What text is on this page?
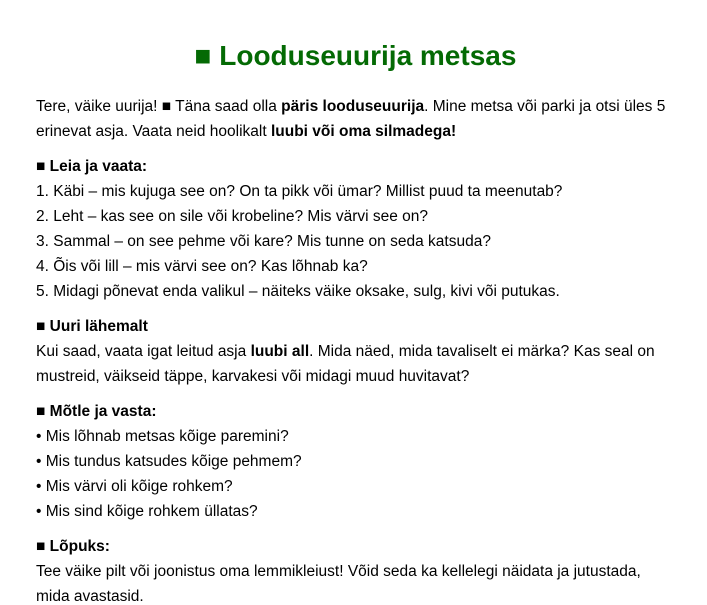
■ Looduseuurija metsas

Tere, väike uurija! ■ Täna saad olla päris looduseuurija. Mine metsa või parki ja otsi üles 5 erinevat asja. Vaata neid hoolikalt luubi või oma silmadega!

■ Leia ja vaata:
1. Käbi – mis kujuga see on? On ta pikk või ümar? Millist puud ta meenutab?
2. Leht – kas see on sile või krobeline? Mis värvi see on?
3. Sammal – on see pehme või kare? Mis tunne on seda katsuda?
4. Õis või lill – mis värvi see on? Kas lõhnab ka?
5. Midagi põnevat enda valikul – näiteks väike oksake, sulg, kivi või putukas.
■ Uuri lähemalt

Kui saad, vaata igat leitud asja luubi all. Mida näed, mida tavaliselt ei märka? Kas seal on mustreid, väikseid täppe, karvakesi või midagi muud huvitavat?

■ Mõtle ja vasta:
• Mis lõhnab metsas kõige paremini?
• Mis tundus katsudes kõige pehmem?
• Mis värvi oli kõige rohkem?
• Mis sind kõige rohkem üllatas?
■ Lõpuks:

Tee väike pilt või joonistus oma lemmikleiust! Võid seda ka kellelegi näidata ja jutustada, mida avastasid.
